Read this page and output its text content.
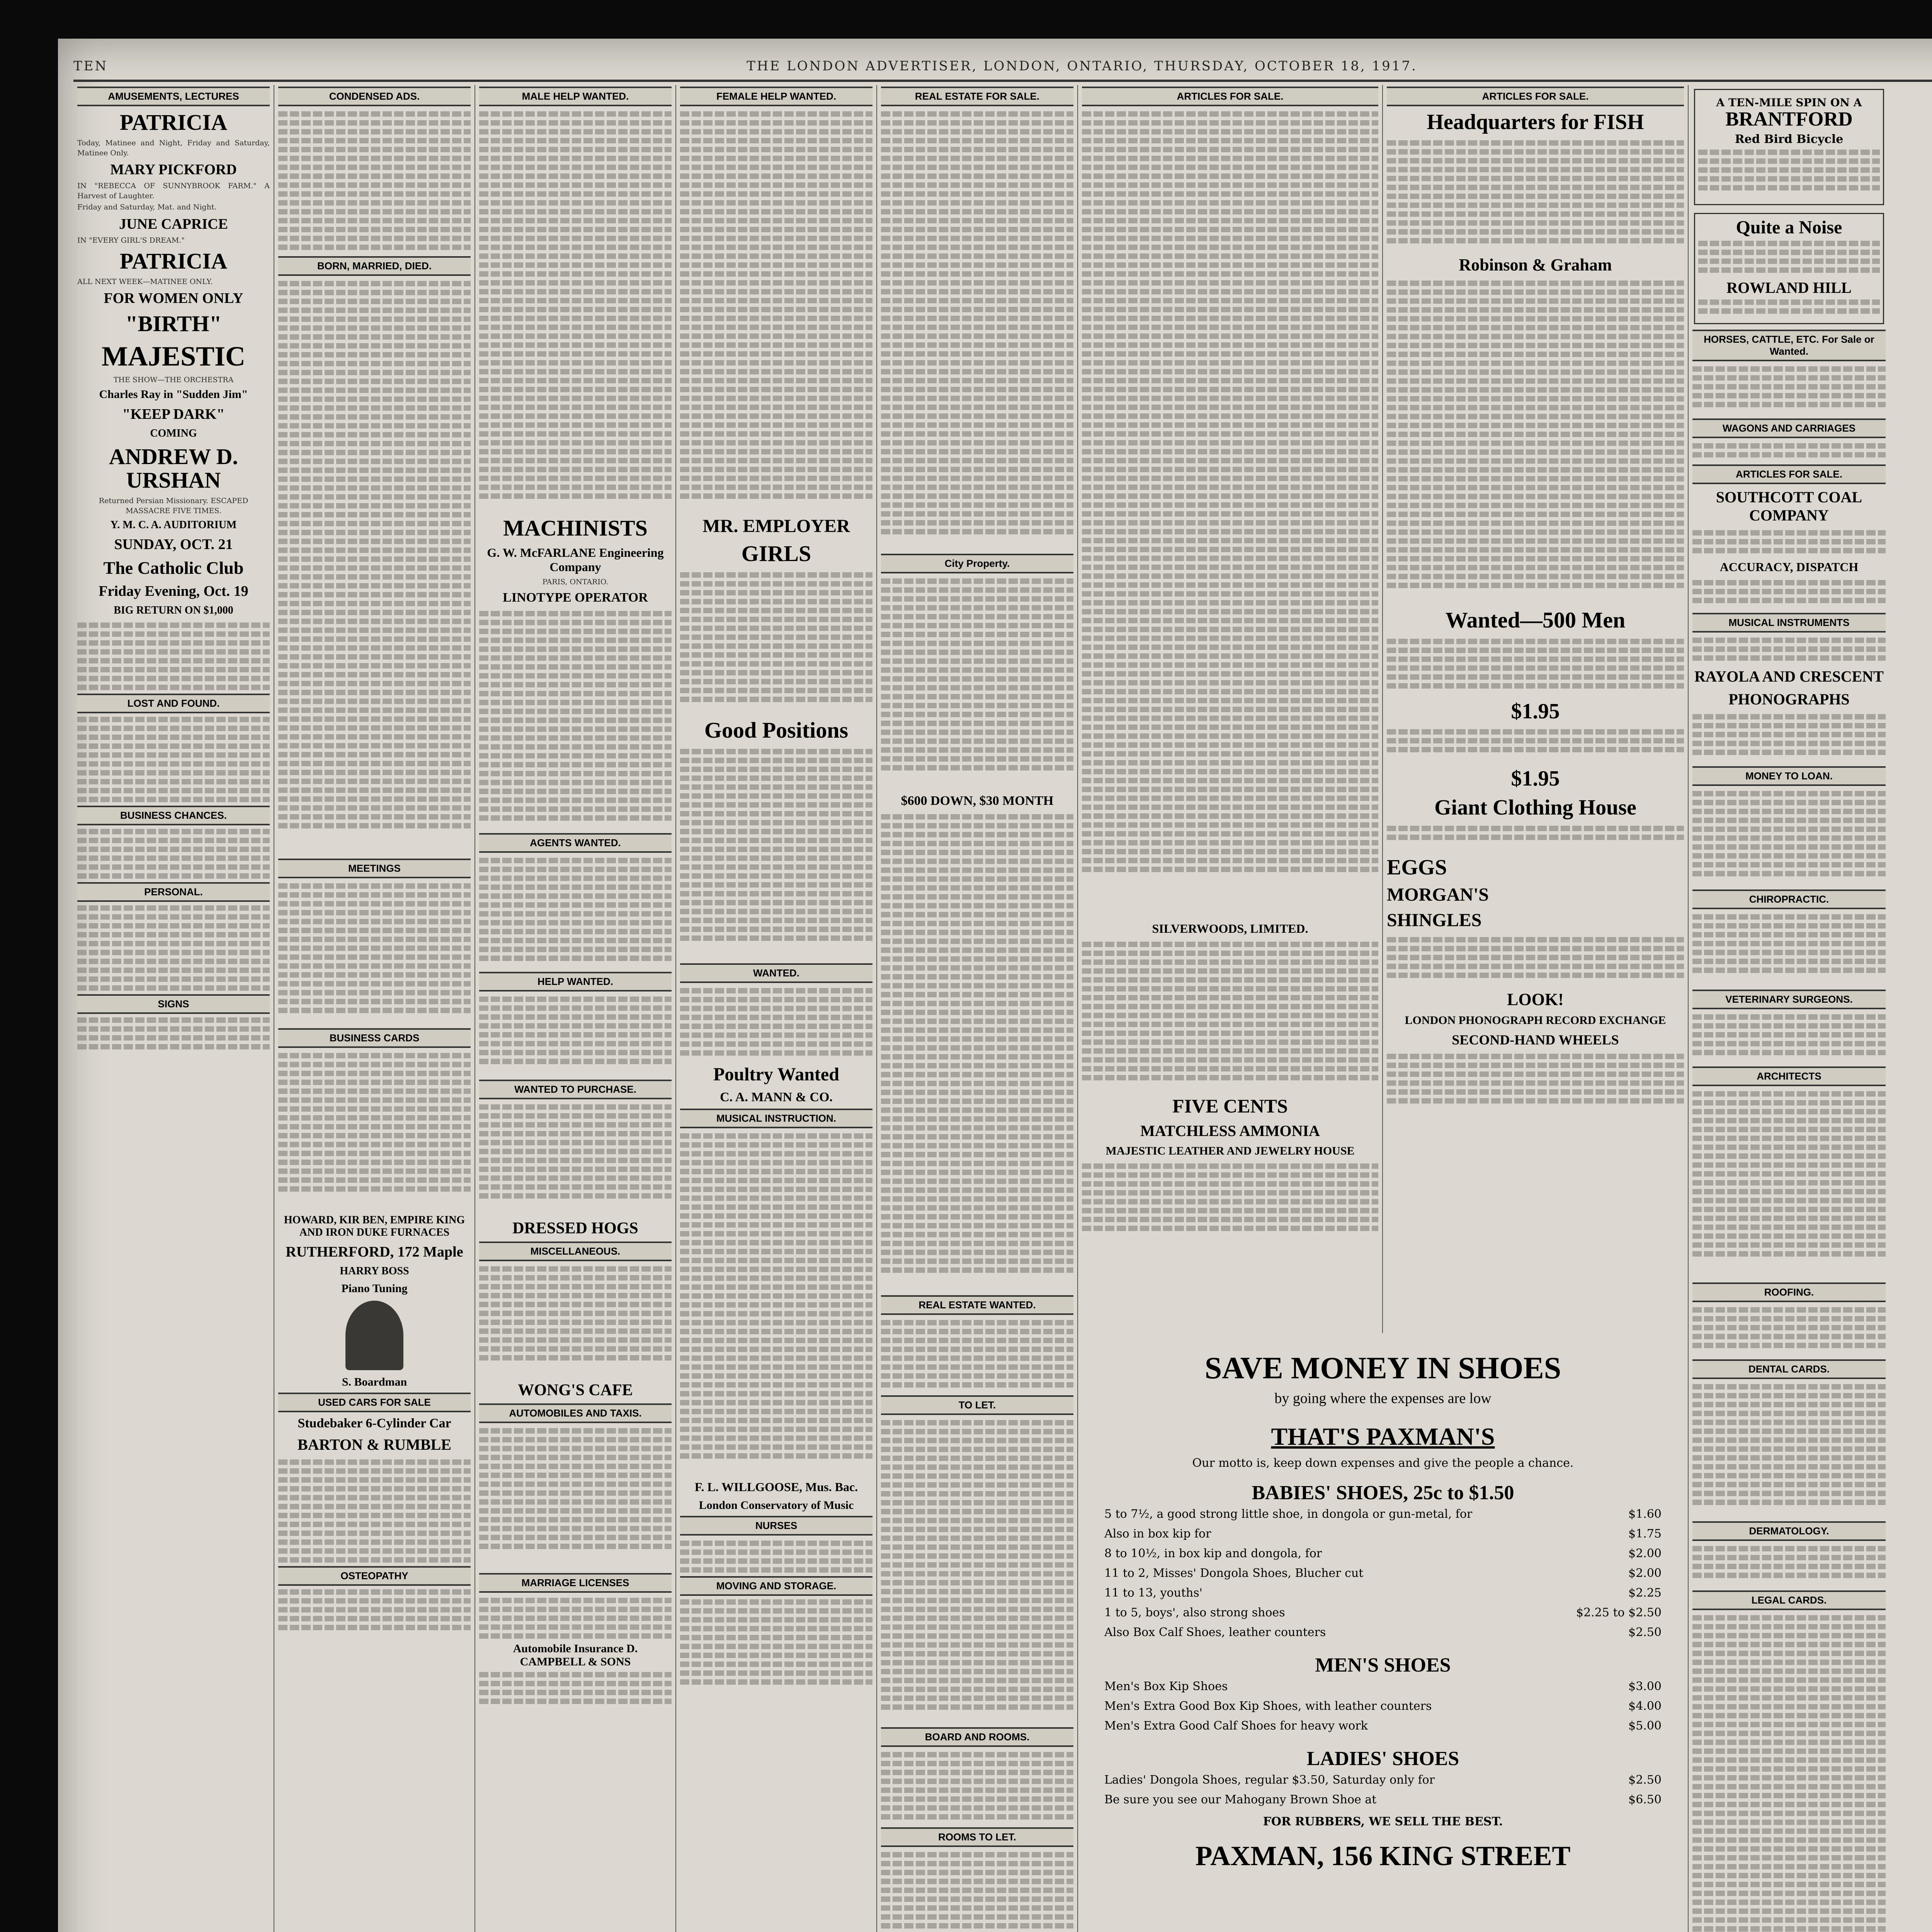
TEN	THE LONDON ADVERTISER, LONDON, ONTARIO, THURSDAY, OCTOBER 18, 1917.
AMUSEMENTS, LECTURES
PATRICIA
Today, Matinee and Night, Friday and Saturday, Matinee Only.
MARY PICKFORD
IN "REBECCA OF SUNNYBROOK FARM." A Harvest of Laughter.
Friday and Saturday, Mat. and Night.
JUNE CAPRICE
IN "EVERY GIRL'S DREAM."
PATRICIA
ALL NEXT WEEK—MATINEE ONLY.
FOR WOMEN ONLY
"BIRTH"
MAJESTIC
THE SHOW—THE ORCHESTRA
Charles Ray in "Sudden Jim"
"KEEP DARK"
COMING
ANDREW D. URSHAN
Returned Persian Missionary. ESCAPED MASSACRE FIVE TIMES.
Y. M. C. A. AUDITORIUM
SUNDAY, OCT. 21
The Catholic Club
Friday Evening, Oct. 19
BIG RETURN ON $1,000
LOST AND FOUND.
BUSINESS CHANCES.
PERSONAL.
SIGNS
CONDENSED ADS.
BORN, MARRIED, DIED.
MEETINGS
BUSINESS CARDS
HOWARD, KIR BEN, EMPIRE KING AND IRON DUKE FURNACES
RUTHERFORD, 172 Maple
HARRY BOSS
Piano Tuning
S. Boardman
USED CARS FOR SALE
Studebaker 6-Cylinder Car
BARTON & RUMBLE
OSTEOPATHY
MALE HELP WANTED.
MACHINISTS
G. W. McFARLANE Engineering Company
PARIS, ONTARIO.
LINOTYPE OPERATOR
AGENTS WANTED.
HELP WANTED.
WANTED TO PURCHASE.
DRESSED HOGS
MISCELLANEOUS.
WONG'S CAFE
AUTOMOBILES AND TAXIS.
MARRIAGE LICENSES
Automobile Insurance D. CAMPBELL & SONS
FEMALE HELP WANTED.
MR. EMPLOYER
GIRLS
Good Positions
WANTED.
Poultry Wanted
C. A. MANN & CO.
MUSICAL INSTRUCTION.
F. L. WILLGOOSE, Mus. Bac.
London Conservatory of Music
NURSES
MOVING AND STORAGE.
REAL ESTATE FOR SALE.
City Property.
$600 DOWN, $30 MONTH
REAL ESTATE WANTED.
TO LET.
BOARD AND ROOMS.
ROOMS TO LET.
ARTICLES FOR SALE.
SILVERWOODS, LIMITED.
FIVE CENTS
MATCHLESS AMMONIA
MAJESTIC LEATHER AND JEWELRY HOUSE
ARTICLES FOR SALE.
Headquarters for FISH
Robinson & Graham
Wanted—500 Men
$1.95
$1.95
Giant Clothing House
EGGS
MORGAN'S
SHINGLES
LOOK!
LONDON PHONOGRAPH RECORD EXCHANGE
SECOND-HAND WHEELS
SAVE MONEY IN SHOES
by going where the expenses are low
THAT'S PAXMAN'S
Our motto is, keep down expenses and give the people a chance.
BABIES' SHOES, 25c to $1.50
5 to 7½, a good strong little shoe, in dongola or gun-metal, for	$1.60
Also in box kip for	$1.75
8 to 10½, in box kip and dongola, for	$2.00
11 to 2, Misses' Dongola Shoes, Blucher cut	$2.00
11 to 13, youths'	$2.25
1 to 5, boys', also strong shoes	$2.25 to $2.50
Also Box Calf Shoes, leather counters	$2.50
MEN'S SHOES
Men's Box Kip Shoes	$3.00
Men's Extra Good Box Kip Shoes, with leather counters	$4.00
Men's Extra Good Calf Shoes for heavy work	$5.00
LADIES' SHOES
Ladies' Dongola Shoes, regular $3.50, Saturday only for	$2.50
Be sure you see our Mahogany Brown Shoe at	$6.50
FOR RUBBERS, WE SELL THE BEST.
PAXMAN, 156 KING STREET
A TEN-MILE SPIN ON A
BRANTFORD
Red Bird Bicycle
Quite a Noise
ROWLAND HILL
HORSES, CATTLE, ETC. For Sale or Wanted.
WAGONS AND CARRIAGES
ARTICLES FOR SALE.
SOUTHCOTT COAL COMPANY
ACCURACY, DISPATCH
MUSICAL INSTRUMENTS
RAYOLA AND CRESCENT
PHONOGRAPHS
MONEY TO LOAN.
CHIROPRACTIC.
VETERINARY SURGEONS.
ARCHITECTS
ROOFING.
DENTAL CARDS.
DERMATOLOGY.
LEGAL CARDS.
